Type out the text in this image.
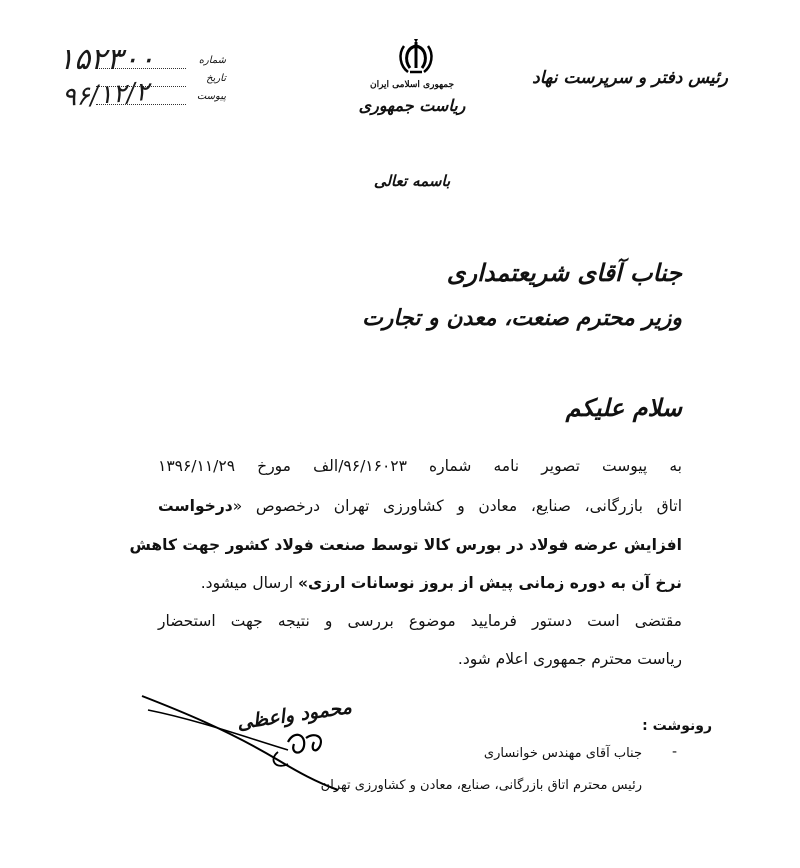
رئیس دفتر و سرپرست نهاد
جمهوری اسلامی ایران
ریاست جمهوری
باسمه تعالی
شماره
تاریخ
پیوست
۱۵۲۳۰۰
۹۶/۱۲/۲
جناب آقای شریعتمداری
وزیر محترم صنعت، معدن و تجارت
سلام علیکم
به پیوست تصویر نامه شماره ۹۶/۱۶۰۲۳/الف مورخ ۱۳۹۶/۱۱/۲۹
اتاق بازرگانی، صنایع، معادن و کشاورزی تهران درخصوص «درخواست
افزایش عرضه فولاد در بورس کالا توسط صنعت فولاد کشور جهت کاهش
نرخ آن به دوره زمانی پیش از بروز نوسانات ارزی» ارسال میشود.
مقتضی است دستور فرمایید موضوع بررسی و نتیجه جهت استحضار
ریاست محترم جمهوری اعلام شود.
محمود واعظی	رونوشت :
-
جناب آقای مهندس خوانساری
رئیس محترم اتاق بازرگانی، صنایع، معادن و کشاورزی تهران
